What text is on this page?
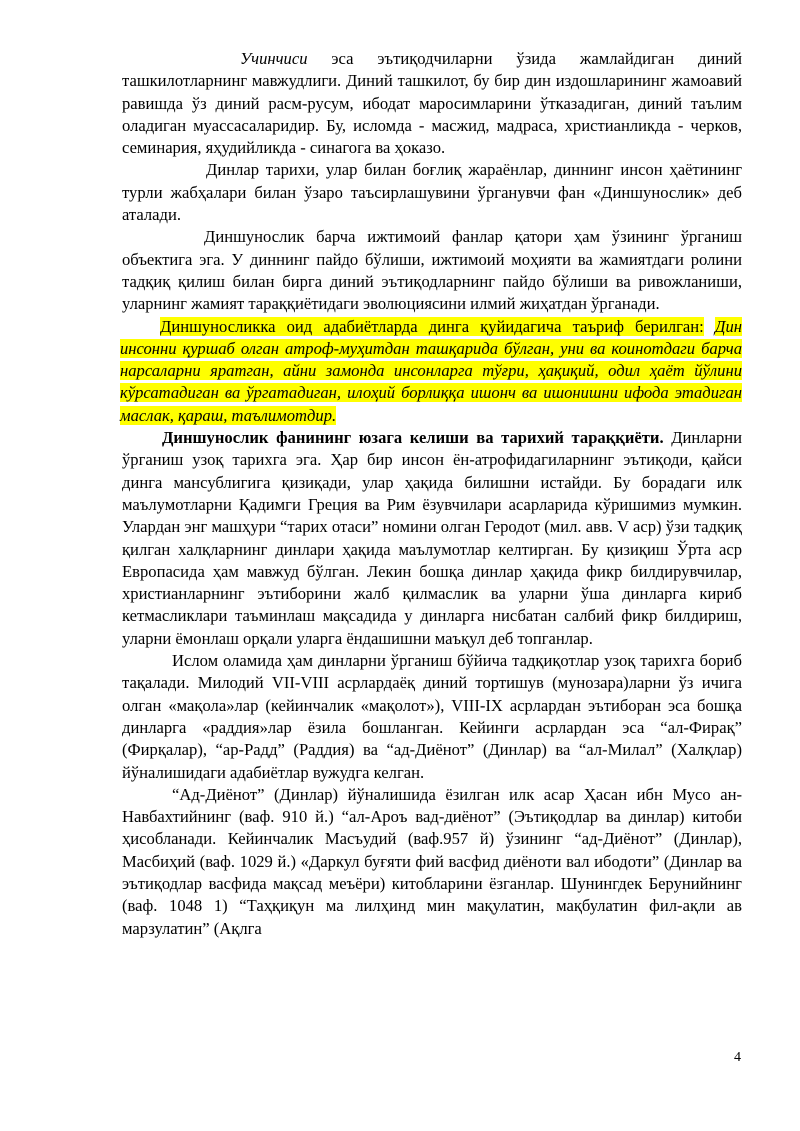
Учинчиси эса эътиқодчиларни ўзида жамлайдиган диний ташкилотларнинг мавжудлиги. Диний ташкилот, бу бир дин издошларининг жамоавий равишда ўз диний расм-русум, ибодат маросимларини ўтказадиган, диний таълим оладиган муассасаларидир. Бу, исломда - масжид, мадраса, христианликда - черков, семинария, яҳудийликда - синагога ва ҳоказо.

Динлар тарихи, улар билан боғлиқ жараёнлар, диннинг инсон ҳаётининг турли жабҳалари билан ўзаро таъсирлашувини ўрганувчи фан «Диншунослик» деб аталади.

Диншунослик барча ижтимоий фанлар қатори ҳам ўзининг ўрганиш объектига эга. У диннинг пайдо бўлиши, ижтимоий моҳияти ва жамиятдаги ролини тадқиқ қилиш билан бирга диний эътиқодларнинг пайдо бўлиши ва ривожланиши, уларнинг жамият тараққиётидаги эволюциясини илмий жиҳатдан ўрганади.

Диншуносликка оид адабиётларда динга қуйидагича таъриф берилган: Дин инсонни қуршаб олган атроф-муҳитдан ташқарида бўлган, уни ва коинотдаги барча нарсаларни яратган, айни замонда инсонларга тўғри, ҳақиқий, одил ҳаёт йўлини кўрсатадиган ва ўргатадиган, илоҳий борлиққа ишонч ва ишонишни ифода этадиган маслак, қараш, таълимотдир.

Диншунослик фанининг юзага келиши ва тарихий тараққиёти. Динларни ўрганиш узоқ тарихга эга. Ҳар бир инсон ён-атрофидагиларнинг эътиқоди, қайси динга мансублигига қизиқади, улар ҳақида билишни истайди. Бу борадаги илк маълумотларни Қадимги Греция ва Рим ёзувчилари асарларида кўришимиз мумкин. Улардан энг машҳури “тарих отаси” номини олган Геродот (мил. авв. V аср) ўзи тадқиқ қилган халқларнинг динлари ҳақида маълумотлар келтирган. Бу қизиқиш Ўрта аср Европасида ҳам мавжуд бўлган. Лекин бошқа динлар ҳақида фикр билдирувчилар, христианларнинг эътиборини жалб қилмаслик ва уларни ўша динларга кириб кетмасликлари таъминлаш мақсадида у динларга нисбатан салбий фикр билдириш, уларни ёмонлаш орқали уларга ёндашишни маъқул деб топганлар.

Ислом оламида ҳам динларни ўрганиш бўйича тадқиқотлар узоқ тарихга бориб тақалади. Милодий VII-VIII асрлардаёқ диний тортишув (мунозара)ларни ўз ичига олган «мақола»лар (кейинчалик «мақолот»), VIII-IX асрлардан эътиборан эса бошқа динларга «раддия»лар ёзила бошланган. Кейинги асрлардан эса “ал-Фирақ” (Фирқалар), “ар-Радд” (Раддия) ва “ад-Диёнот” (Динлар) ва “ал-Милал” (Халқлар) йўналишидаги адабиётлар вужудга келган.

“Ад-Диёнот” (Динлар) йўналишида ёзилган илк асар Ҳасан ибн Мусо ан-Навбахтийнинг (ваф. 910 й.) “ал-Ароъ вад-диёнот” (Эътиқодлар ва динлар) китоби ҳисобланади. Кейинчалик Масъудий (ваф.957 й) ўзининг “ад-Диёнот” (Динлар), Масбиҳий (ваф. 1029 й.) «Даркул буғяти фий васфид диёноти вал ибодоти” (Динлар ва эътиқодлар васфида мақсад меъёри) китобларини ёзганлар. Шунингдек Берунийнинг (ваф. 1048 1) “Таҳқиқун ма лилҳинд мин мақулатин, мақбулатин фил-ақли ав марзулатин” (Ақлга

4
